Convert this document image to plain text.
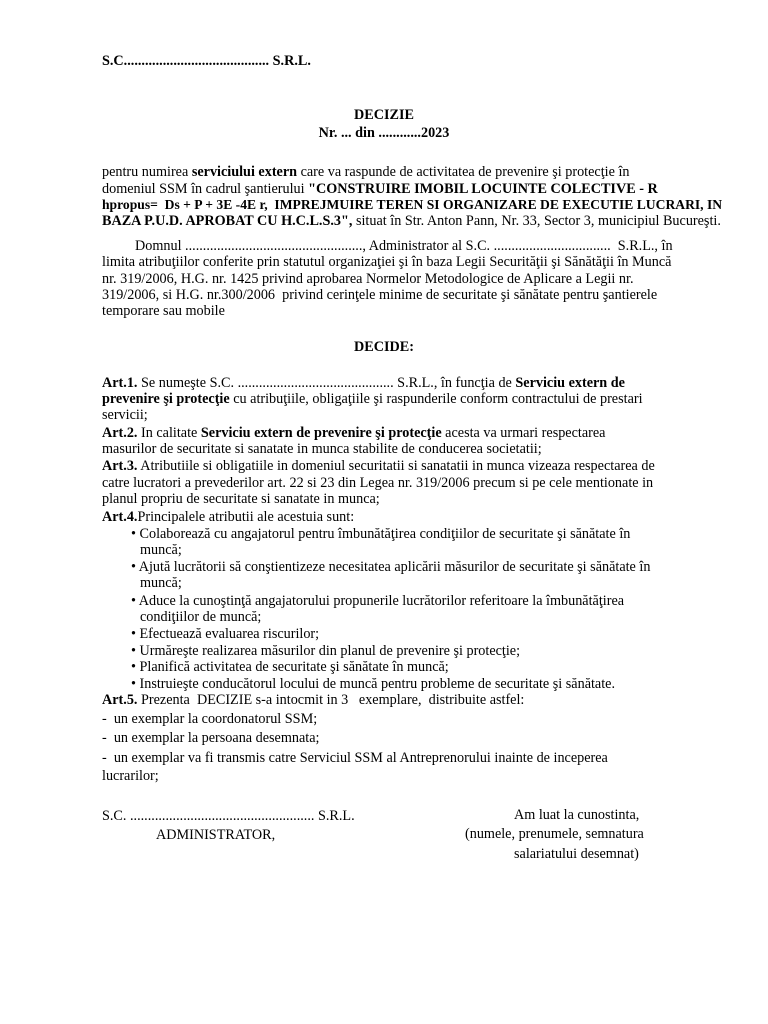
S.C......................................... S.R.L.
DECIZIE
Nr. ... din ............2023
pentru numirea serviciului extern care va raspunde de activitatea de prevenire şi protecţie în
domeniul SSM în cadrul şantierului "CONSTRUIRE IMOBIL LOCUINTE COLECTIVE - R
hpropus=  Ds + P + 3E -4E r,  IMPREJMUIRE TEREN SI ORGANIZARE DE EXECUTIE LUCRARI, IN
BAZA P.U.D. APROBAT CU H.C.L.S.3", situat în Str. Anton Pann, Nr. 33, Sector 3, municipiul Bucureşti.
Domnul .................................................., Administrator al S.C. .................................  S.R.L., în
limita atribuţiilor conferite prin statutul organizaţiei şi în baza Legii Securităţii şi Sănătăţii în Muncă
nr. 319/2006, H.G. nr. 1425 privind aprobarea Normelor Metodologice de Aplicare a Legii nr.
319/2006, si H.G. nr.300/2006  privind cerinţele minime de securitate şi sănătate pentru şantierele
temporare sau mobile
DECIDE:
Art.1. Se numeşte S.C. ............................................ S.R.L., în funcţia de Serviciu extern de
prevenire şi protecţie cu atribuţiile, obligaţiile şi raspunderile conform contractului de prestari
servicii;
Art.2. In calitate Serviciu extern de prevenire şi protecţie acesta va urmari respectarea
masurilor de securitate si sanatate in munca stabilite de conducerea societatii;
Art.3. Atributiile si obligatiile in domeniul securitatii si sanatatii in munca vizeaza respectarea de
catre lucratori a prevederilor art. 22 si 23 din Legea nr. 319/2006 precum si pe cele mentionate in
planul propriu de securitate si sanatate in munca;
Art.4.Principalele atributii ale acestuia sunt:
• Colaborează cu angajatorul pentru îmbunătăţirea condiţiilor de securitate şi sănătate în
muncă;
• Ajută lucrătorii să conştientizeze necesitatea aplicării măsurilor de securitate şi sănătate în
muncă;
• Aduce la cunoştinţă angajatorului propunerile lucrătorilor referitoare la îmbunătăţirea
condiţiilor de muncă;
• Efectuează evaluarea riscurilor;
• Urmăreşte realizarea măsurilor din planul de prevenire şi protecţie;
• Planifică activitatea de securitate şi sănătate în muncă;
• Instruieşte conducătorul locului de muncă pentru probleme de securitate şi sănătate.
Art.5. Prezenta  DECIZIE s-a intocmit in 3   exemplare,  distribuite astfel:
-  un exemplar la coordonatorul SSM;
-  un exemplar la persoana desemnata;
-  un exemplar va fi transmis catre Serviciul SSM al Antreprenorului inainte de inceperea
lucrarilor;
S.C. .................................................... S.R.L.
ADMINISTRATOR,
Am luat la cunostinta,
(numele, prenumele, semnatura
salariatului desemnat)
